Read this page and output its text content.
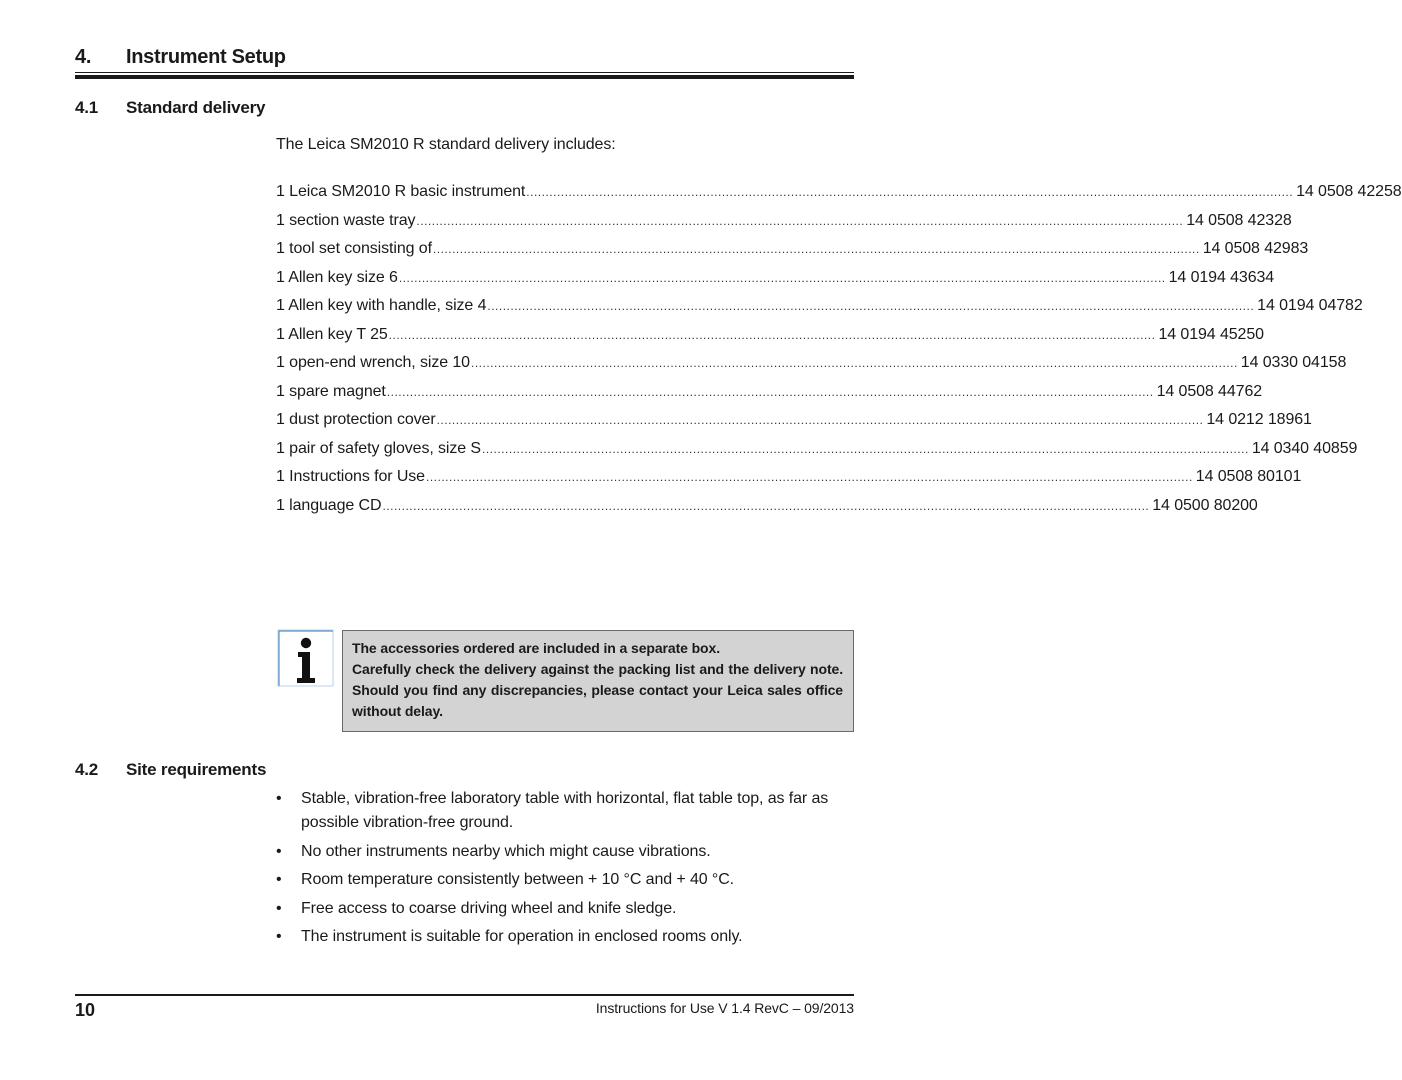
4. Instrument Setup
4.1 Standard delivery
The Leica SM2010 R standard delivery includes:
1 Leica SM2010 R basic instrument ........................................................................................................................................................................................................ 14 0508 42258
1 section waste tray ........................................................................................................................................................................................................ 14 0508 42328
1 tool set consisting of ........................................................................................................................................................................................................ 14 0508 42983
1 Allen key size 6 ........................................................................................................................................................................................................ 14 0194 43634
1 Allen key with handle, size 4 ........................................................................................................................................................................................................ 14 0194 04782
1 Allen key T 25 ........................................................................................................................................................................................................ 14 0194 45250
1 open-end wrench, size 10 ........................................................................................................................................................................................................ 14 0330 04158
1 spare magnet ........................................................................................................................................................................................................ 14 0508 44762
1 dust protection cover ........................................................................................................................................................................................................ 14 0212 18961
1 pair of safety gloves, size S ........................................................................................................................................................................................................ 14 0340 40859
1 Instructions for Use ........................................................................................................................................................................................................ 14 0508 80101
1 language CD ........................................................................................................................................................................................................ 14 0500 80200

The accessories ordered are included in a separate box.

Carefully check the delivery against the packing list and the delivery note. Should you find any discrepancies, please contact your Leica sales office without delay.

4.2 Site requirements
• Stable, vibration-free laboratory table with horizontal, flat table top, as far as possible vibration-free ground.
• No other instruments nearby which might cause vibrations.
• Room temperature consistently between + 10 °C and + 40 °C.
• Free access to coarse driving wheel and knife sledge.
• The instrument is suitable for operation in enclosed rooms only.
10	Instructions for Use V 1.4 RevC – 09/2013
